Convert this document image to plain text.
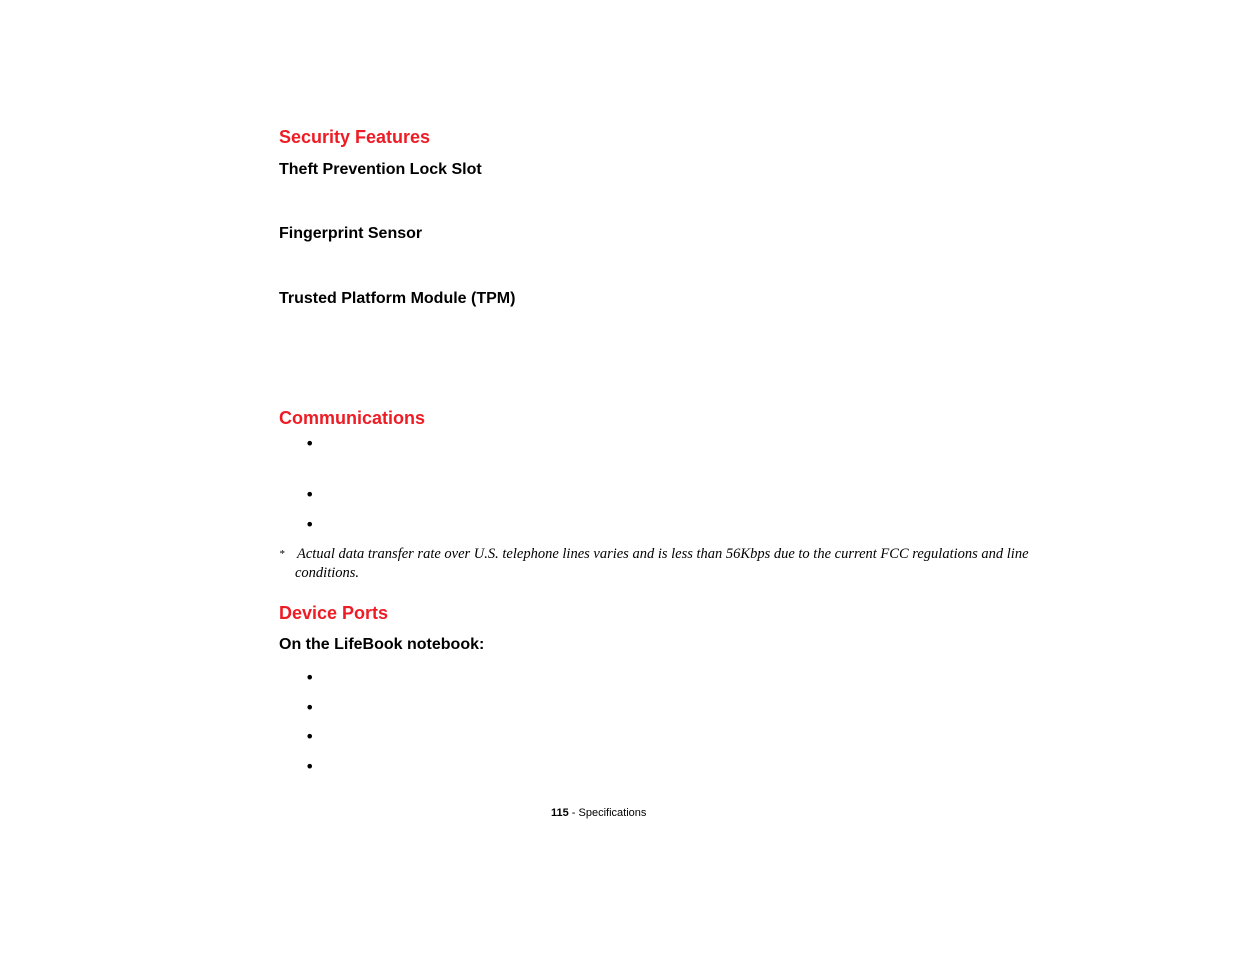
Security Features
Theft Prevention Lock Slot
Fingerprint Sensor
Trusted Platform Module (TPM)
Communications
•
•
•
* Actual data transfer rate over U.S. telephone lines varies and is less than 56Kbps due to the current FCC regulations and line
conditions.
Device Ports
On the LifeBook notebook:
•
•
•
•
115 - Specifications
